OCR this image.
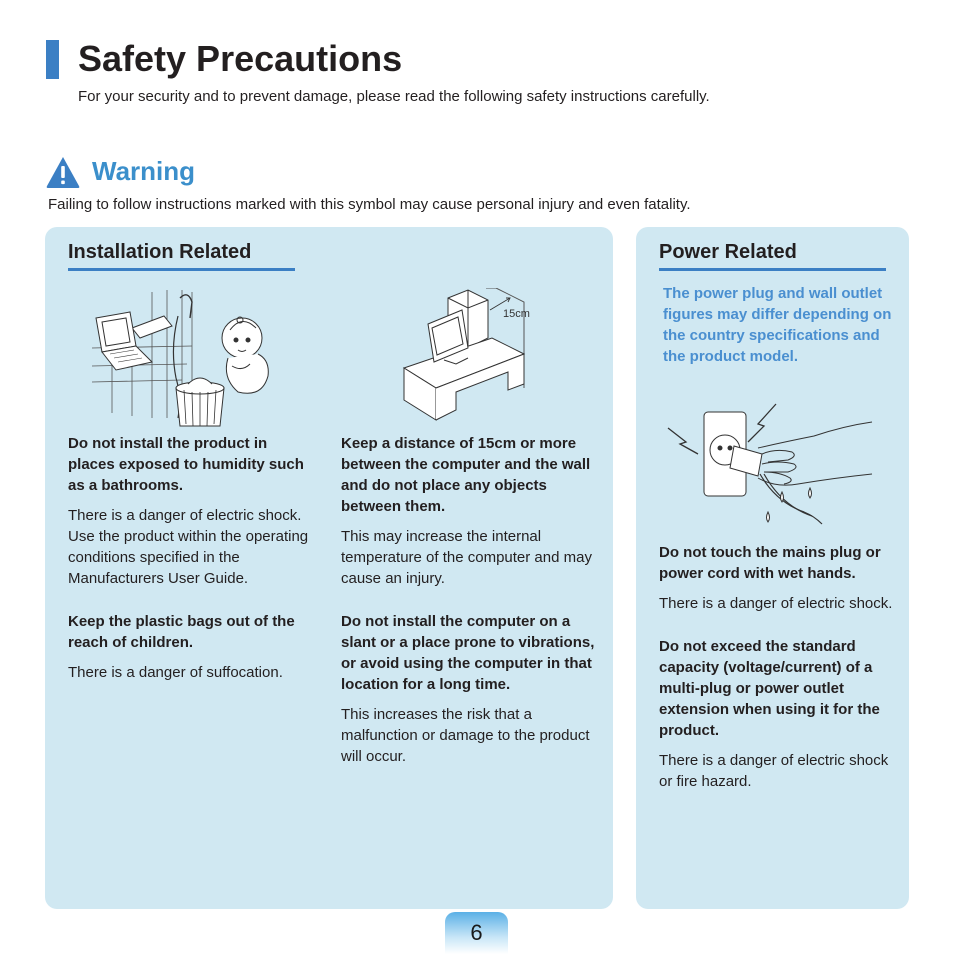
Safety Precautions
For your security and to prevent damage, please read the following safety instructions carefully.
Warning
Failing to follow instructions marked with this symbol may cause personal injury and even fatality.
Installation Related
15cm

Do not install the product in places exposed to humidity such as a bathrooms.

There is a danger of electric shock. Use the product within the operating conditions specified in the Manufacturers User Guide.

Keep the plastic bags out of the reach of children.

There is a danger of suffocation.

Keep a distance of 15cm or more between the computer and the wall and do not place any objects between them.

This may increase the internal temperature of the computer and may cause an injury.

Do not install the computer on a slant or a place prone to vibrations, or avoid using the computer in that location for a long time.

This increases the risk that a malfunction or damage to the product will occur.

Power Related
The power plug and wall outlet figures may differ depending on the country specifications and the product model.

Do not touch the mains plug or power cord with wet hands.

There is a danger of electric shock.

Do not exceed the standard capacity (voltage/current) of a multi-plug or power outlet extension when using it for the product.

There is a danger of electric shock or fire hazard.

6
